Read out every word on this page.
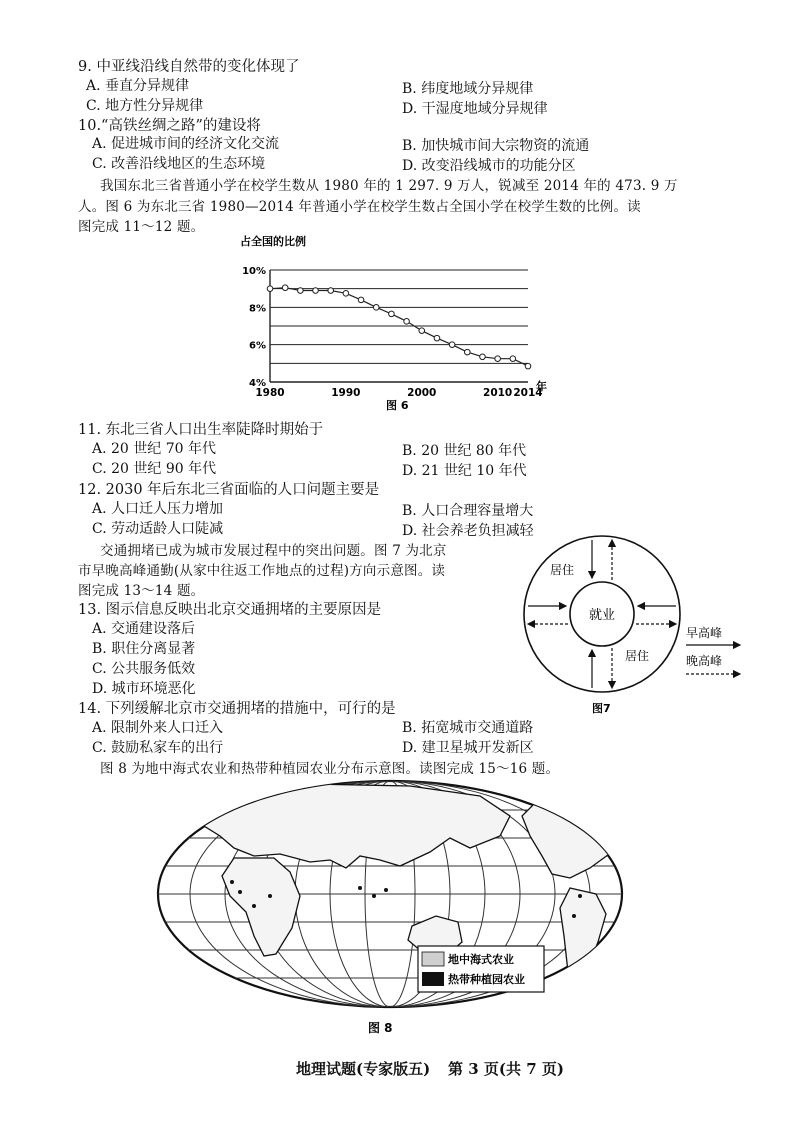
9. 中亚线沿线自然带的变化体现了
A. 垂直分异规律	B. 纬度地域分异规律
C. 地方性分异规律	D. 干湿度地域分异规律
10.“高铁丝绸之路”的建设将
A. 促进城市间的经济文化交流	B. 加快城市间大宗物资的流通
C. 改善沿线地区的生态环境	D. 改变沿线城市的功能分区
我国东北三省普通小学在校学生数从 1980 年的 1 297. 9 万人，锐减至 2014 年的 473. 9 万
人。图 6 为东北三省 1980—2014 年普通小学在校学生数占全国小学在校学生数的比例。读
图完成 11～12 题。
占全国的比例
10%
8%
6%
4%
1980	1990	2000	2010 2014
年
图 6
11. 东北三省人口出生率陡降时期始于
A. 20 世纪 70 年代	B. 20 世纪 80 年代
C. 20 世纪 90 年代	D. 21 世纪 10 年代
12. 2030 年后东北三省面临的人口问题主要是
A. 人口迁人压力增加	B. 人口合理容量增大
C. 劳动适龄人口陡减	D. 社会养老负担减轻
交通拥堵已成为城市发展过程中的突出问题。图 7 为北京
市早晚高峰通勤(从家中往返工作地点的过程)方向示意图。读
图完成 13～14 题。
13. 图示信息反映出北京交通拥堵的主要原因是
A. 交通建设落后
B. 职住分离显著
C. 公共服务低效
D. 城市环境恶化
就业
居住
居住
早高峰
晚高峰
图7
14. 下列缓解北京市交通拥堵的措施中，可行的是
A. 限制外来人口迁入	B. 拓宽城市交通道路
C. 鼓励私家车的出行	D. 建卫星城开发新区
图 8 为地中海式农业和热带种植园农业分布示意图。读图完成 15～16 题。
地中海式农业
热带种植园农业
图 8
地理试题(专家版五) 第 3 页(共 7 页)
